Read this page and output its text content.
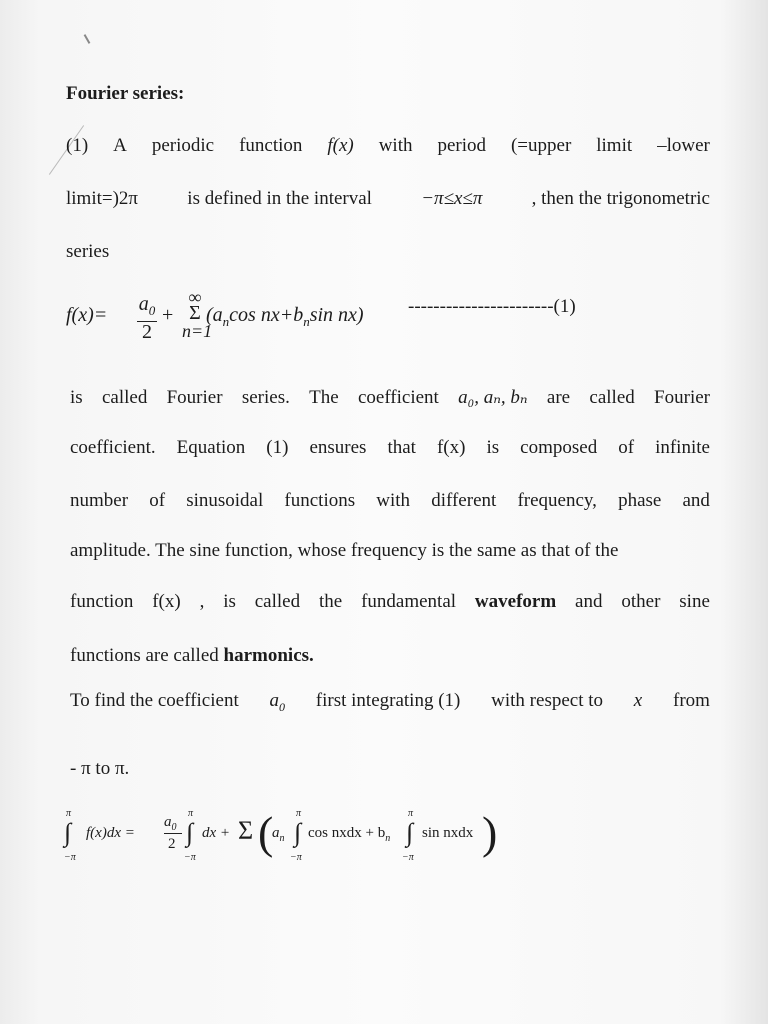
Fourier series:
(1) A periodic function f(x) with period (=upper limit –lower
limit=)2π	is defined in the interval	−π≤x≤π	, then the trigonometric
series
$f(x)= a_0$
2
+
∞
Σ
n=1
($a_n\cos$ $nx+b_n\sin$ nx) -----------------------(1)
is called Fourier series. The coefficient a₀, aₙ, bₙ are called Fourier
coefficient. Equation (1) ensures that f(x) is composed of infinite
number of sinusoidal functions with different frequency, phase and
amplitude. The sine function, whose frequency is the same as that of the
function f(x) , is called the fundamental waveform and other sine
functions are called harmonics.
To find the coefficient $a_0$ first integrating (1) with respect to x from
- π to π.
π
∫
−π
f(x)dx =
$a_0$
2
π
∫
−π
dx + Σ (
$a_n$
π
∫
−π
cos nxdx + $b_n$
π
∫
−π
sin nxdx )
